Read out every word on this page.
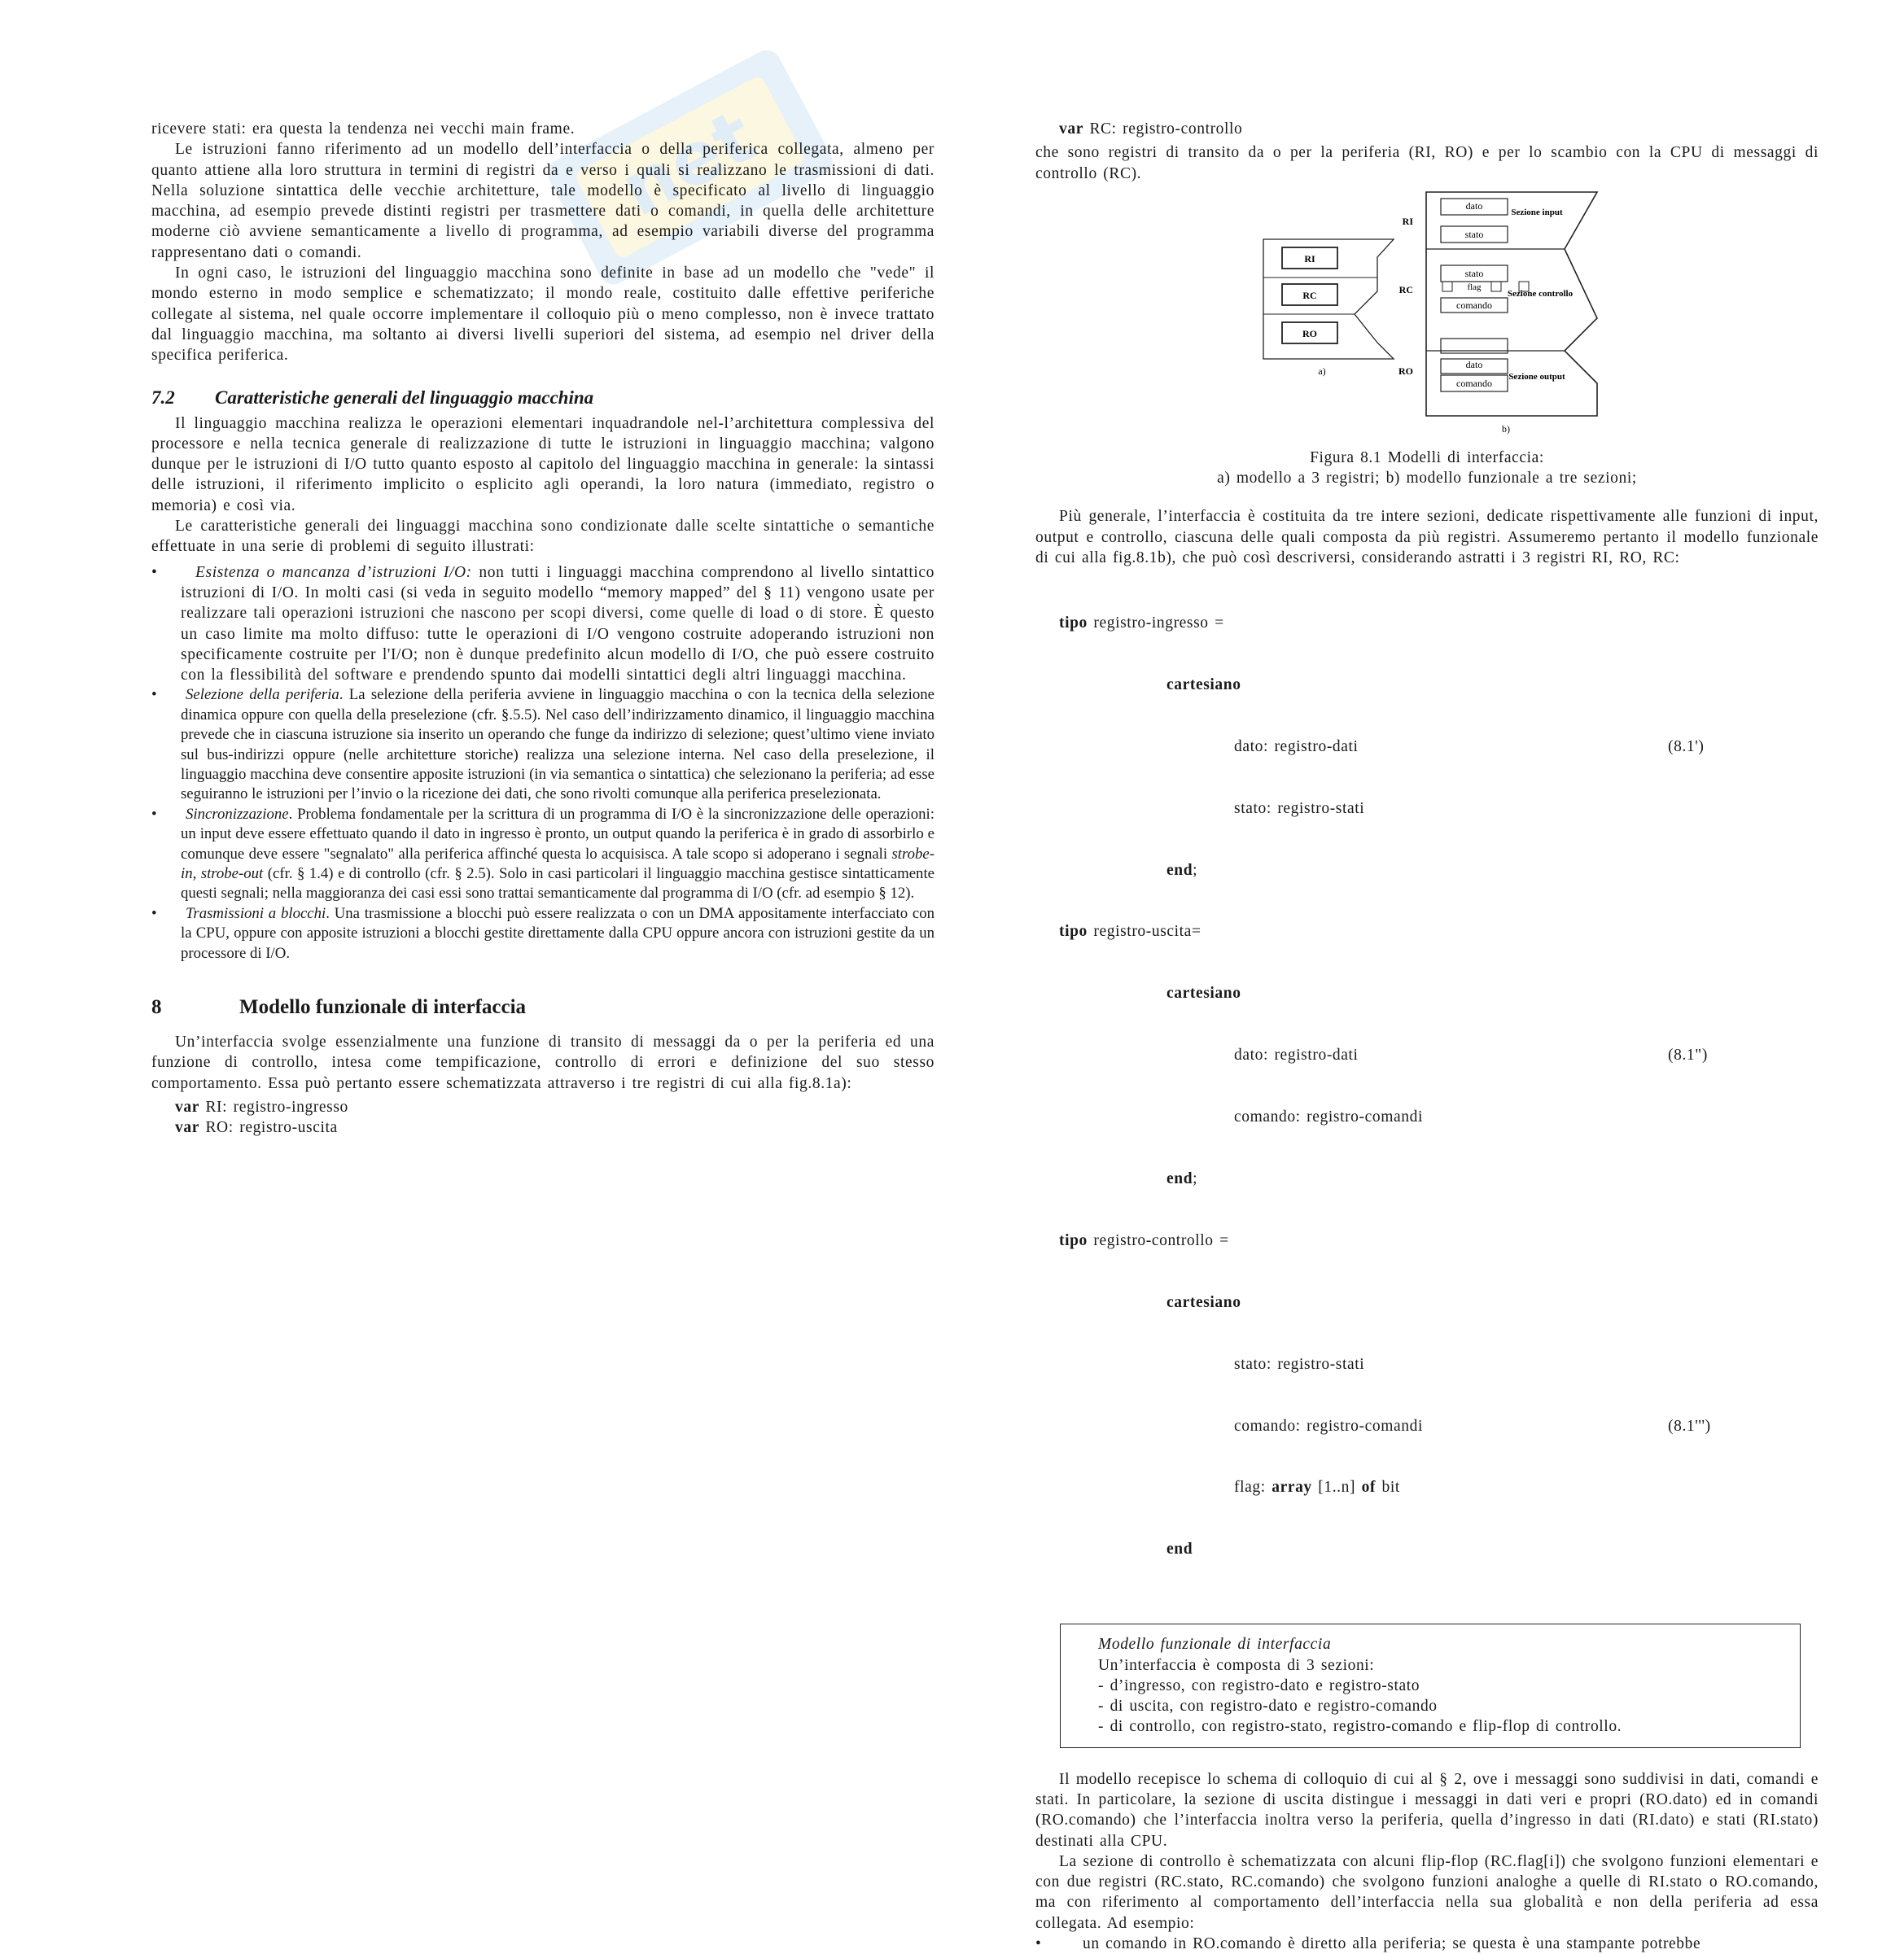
net

ricevere stati: era questa la tendenza nei vecchi main frame.

Le istruzioni fanno riferimento ad un modello dell’interfaccia o della periferica collegata, almeno per quanto attiene alla loro struttura in termini di registri da e verso i quali si realizzano le trasmissioni di dati. Nella soluzione sintattica delle vecchie architetture, tale modello è specificato al livello di linguaggio macchina, ad esempio prevede distinti registri per trasmettere dati o comandi, in quella delle architetture moderne ciò avviene semanticamente a livello di programma, ad esempio variabili diverse del programma rappresentano dati o comandi.

In ogni caso, le istruzioni del linguaggio macchina sono definite in base ad un modello che "vede" il mondo esterno in modo semplice e schematizzato; il mondo reale, costituito dalle effettive periferiche collegate al sistema, nel quale occorre implementare il colloquio più o meno complesso, non è invece trattato dal linguaggio macchina, ma soltanto ai diversi livelli superiori del sistema, ad esempio nel driver della specifica periferica.

7.2 Caratteristiche generali del linguaggio macchina

Il linguaggio macchina realizza le operazioni elementari inquadrandole nel-l’architettura complessiva del processore e nella tecnica generale di realizzazione di tutte le istruzioni in linguaggio macchina; valgono dunque per le istruzioni di I/O tutto quanto esposto al capitolo del linguaggio macchina in generale: la sintassi delle istruzioni, il riferimento implicito o esplicito agli operandi, la loro natura (immediato, registro o memoria) e così via.

Le caratteristiche generali dei linguaggi macchina sono condizionate dalle scelte sintattiche o semantiche effettuate in una serie di problemi di seguito illustrati:

• Esistenza o mancanza d’istruzioni I/O: non tutti i linguaggi macchina comprendono al livello sintattico istruzioni di I/O. In molti casi (si veda in seguito modello “memory mapped” del § 11) vengono usate per realizzare tali operazioni istruzioni che nascono per scopi diversi, come quelle di load o di store. È questo un caso limite ma molto diffuso: tutte le operazioni di I/O vengono costruite adoperando istruzioni non specificamente costruite per l'I/O; non è dunque predefinito alcun modello di I/O, che può essere costruito con la flessibilità del software e prendendo spunto dai modelli sintattici degli altri linguaggi macchina.
• Selezione della periferia. La selezione della periferia avviene in linguaggio macchina o con la tecnica della selezione dinamica oppure con quella della preselezione (cfr. §.5.5). Nel caso dell’indirizzamento dinamico, il linguaggio macchina prevede che in ciascuna istruzione sia inserito un operando che funge da indirizzo di selezione; quest’ultimo viene inviato sul bus-indirizzi oppure (nelle architetture storiche) realizza una selezione interna. Nel caso della preselezione, il linguaggio macchina deve consentire apposite istruzioni (in via semantica o sintattica) che selezionano la periferia; ad esse seguiranno le istruzioni per l’invio o la ricezione dei dati, che sono rivolti comunque alla periferica preselezionata.
• Sincronizzazione. Problema fondamentale per la scrittura di un programma di I/O è la sincronizzazione delle operazioni: un input deve essere effettuato quando il dato in ingresso è pronto, un output quando la periferica è in grado di assorbirlo e comunque deve essere "segnalato" alla periferica affinché questa lo acquisisca. A tale scopo si adoperano i segnali strobe-in, strobe-out (cfr. § 1.4) e di controllo (cfr. § 2.5). Solo in casi particolari il linguaggio macchina gestisce sintatticamente questi segnali; nella maggioranza dei casi essi sono trattai semanticamente dal programma di I/O (cfr. ad esempio § 12).
• Trasmissioni a blocchi. Una trasmissione a blocchi può essere realizzata o con un DMA appositamente interfacciato con la CPU, oppure con apposite istruzioni a blocchi gestite direttamente dalla CPU oppure ancora con istruzioni gestite da un processore di I/O.
8	Modello funzionale di interfaccia

Un’interfaccia svolge essenzialmente una funzione di transito di messaggi da o per la periferia ed una funzione di controllo, intesa come tempificazione, controllo di errori e definizione del suo stesso comportamento. Essa può pertanto essere schematizzata attraverso i tre registri di cui alla fig.8.1a):

var RI: registro-ingresso
var RO: registro-uscita
var RC: registro-controllo

che sono registri di transito da o per la periferia (RI, RO) e per lo scambio con la CPU di messaggi di controllo (RC).

RI
RC
RO
a)
RI
RC
RO
dato
stato
stato
flag
comando
dato
comando
Sezione input
Sezione controllo
Sezione output
b)

Figura 8.1 Modelli di interfaccia:

a) modello a 3 registri; b) modello funzionale a tre sezioni;

Più generale, l’interfaccia è costituita da tre intere sezioni, dedicate rispettivamente alle funzioni di input, output e controllo, ciascuna delle quali composta da più registri. Assumeremo pertanto il modello funzionale di cui alla fig.8.1b), che può così descriversi, considerando astratti i 3 registri RI, RO, RC:

tipo registro-ingresso =

cartesiano

dato: registro-dati	(8.1')

stato: registro-stati

end;

tipo registro-uscita=

cartesiano

dato: registro-dati	(8.1")

comando: registro-comandi

end;

tipo registro-controllo =

cartesiano

stato: registro-stati

comando: registro-comandi	(8.1''')

flag: array [1..n] of bit

end

Modello funzionale di interfaccia
Un’interfaccia è composta di 3 sezioni:
- d’ingresso, con registro-dato e registro-stato
- di uscita, con registro-dato e registro-comando
- di controllo, con registro-stato, registro-comando e flip-flop di controllo.

Il modello recepisce lo schema di colloquio di cui al § 2, ove i messaggi sono suddivisi in dati, comandi e stati. In particolare, la sezione di uscita distingue i messaggi in dati veri e propri (RO.dato) ed in comandi (RO.comando) che l’interfaccia inoltra verso la periferia, quella d’ingresso in dati (RI.dato) e stati (RI.stato) destinati alla CPU.

La sezione di controllo è schematizzata con alcuni flip-flop (RC.flag[i]) che svolgono funzioni elementari e con due registri (RC.stato, RC.comando) che svolgono funzioni analoghe a quelle di RI.stato o RO.comando, ma con riferimento al comportamento dell’interfaccia nella sua globalità e non della periferia ad essa collegata. Ad esempio:

• un comando in RO.comando è diretto alla periferia; se questa è una stampante potrebbe
